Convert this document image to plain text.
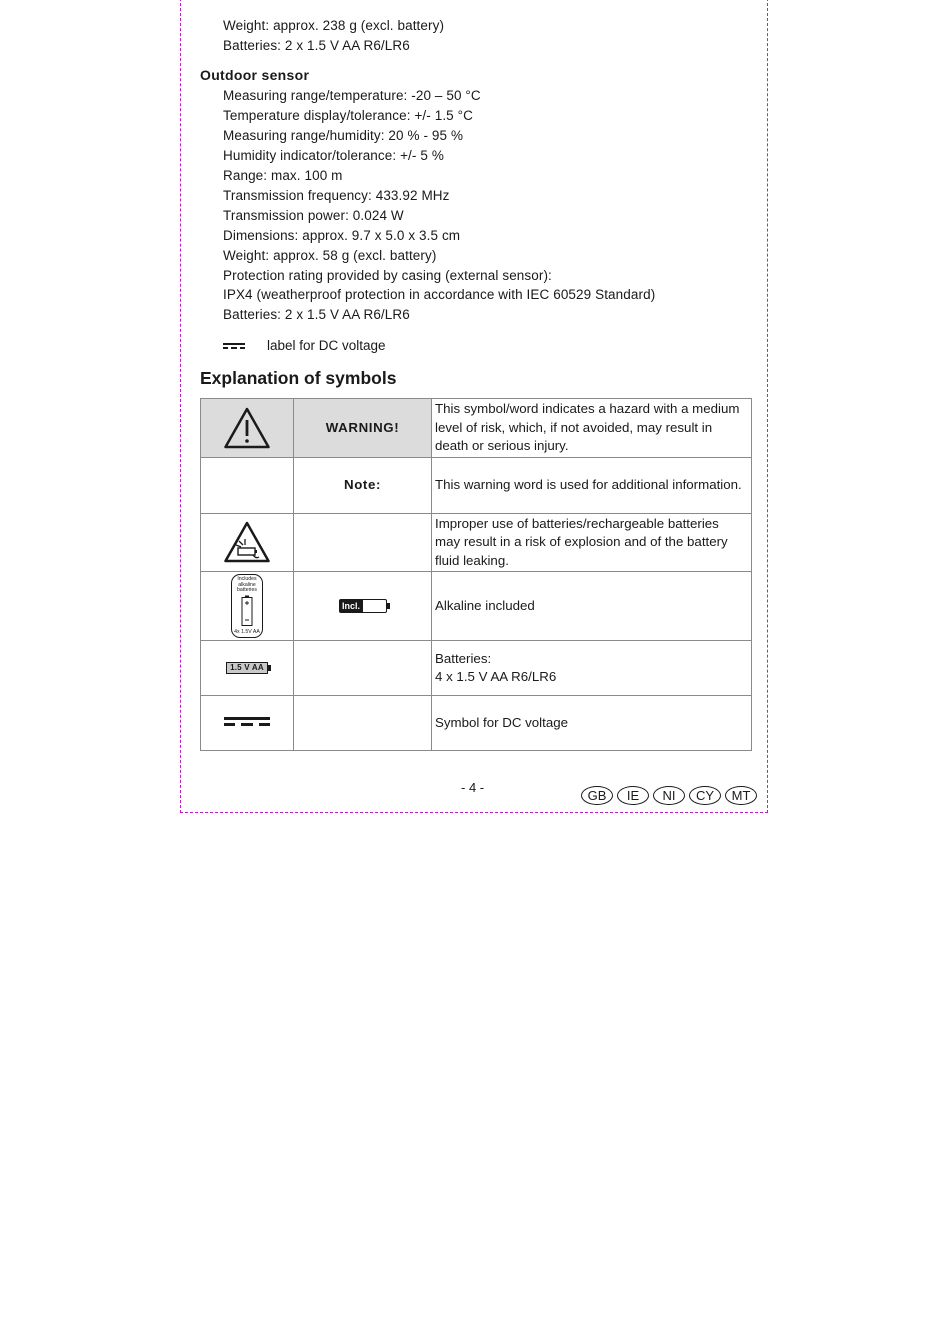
Weight: approx. 238 g (excl. battery)
Batteries: 2 x 1.5 V AA R6/LR6
Outdoor sensor
Measuring range/temperature: -20 – 50 °C
Temperature display/tolerance: +/- 1.5 °C
Measuring range/humidity: 20 % - 95 %
Humidity indicator/tolerance: +/- 5 %
Range: max. 100 m
Transmission frequency: 433.92 MHz
Transmission power: 0.024 W
Dimensions: approx. 9.7 x 5.0 x 3.5 cm
Weight: approx. 58 g (excl. battery)
Protection rating provided by casing (external sensor):
IPX4 (weatherproof protection in accordance with IEC 60529 Standard)
Batteries: 2 x 1.5 V AA R6/LR6
label for DC voltage
Explanation of symbols
	WARNING!	This symbol/word indicates a hazard with a medium level of risk, which, if not avoided, may result in death or serious injury.
	Note:	This warning word is used for additional information.

		Improper use of batteries/rechargeable batteries may result in a risk of explosion and of the battery fluid leaking.

Includes
alkaline
batteries
4x 1.5V AA	Incl.	Alkaline included

1.5 V AA		Batteries:
4 x 1.5 V AA R6/LR6

		Symbol for DC voltage
- 4 -
GB	IE	NI	CY	MT
